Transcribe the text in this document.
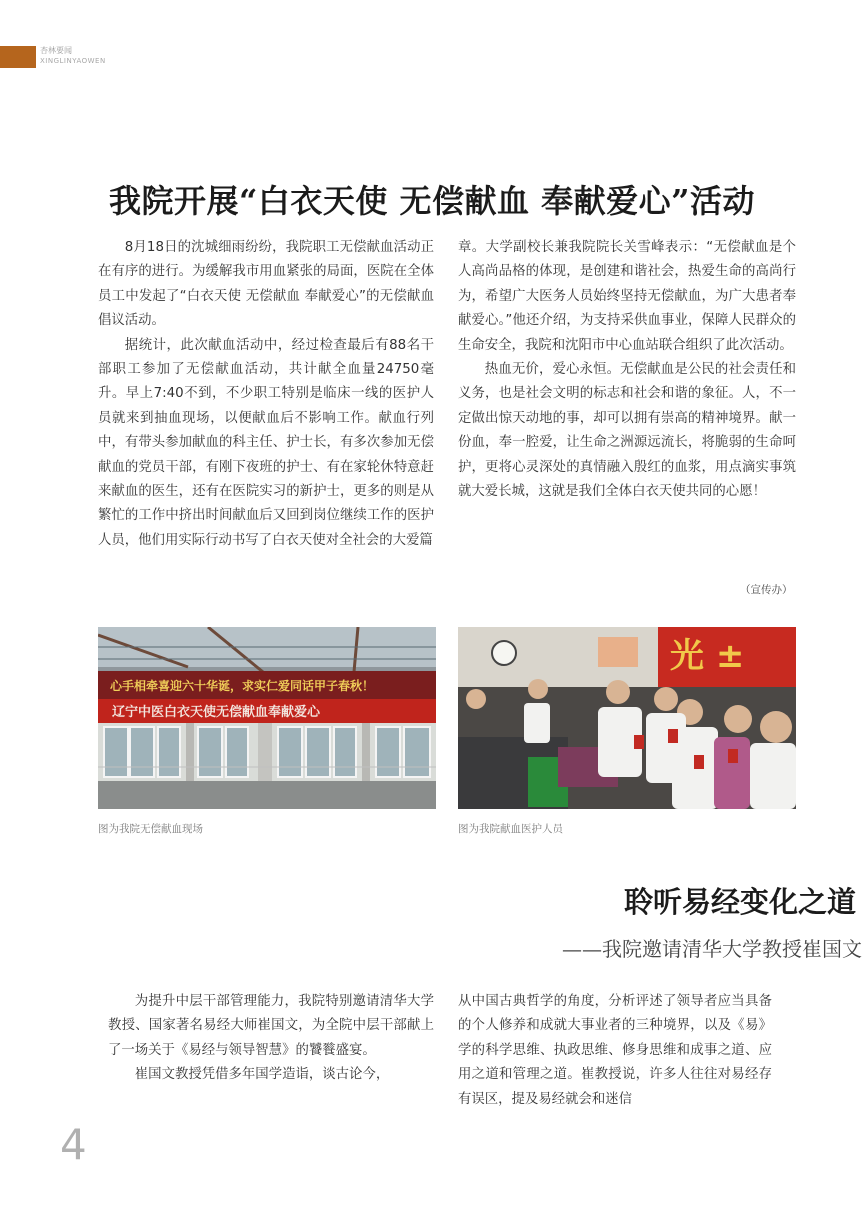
杏林要闻
XINGLINYAOWEN
我院开展“白衣天使 无偿献血 奉献爱心”活动

8月18日的沈城细雨纷纷，我院职工无偿献血活动正在有序的进行。为缓解我市用血紧张的局面，医院在全体员工中发起了“白衣天使 无偿献血 奉献爱心”的无偿献血倡议活动。

据统计，此次献血活动中，经过检查最后有88名干部职工参加了无偿献血活动，共计献全血量24750毫升。早上7:40不到，不少职工特别是临床一线的医护人员就来到抽血现场，以便献血后不影响工作。献血行列中，有带头参加献血的科主任、护士长，有多次参加无偿献血的党员干部，有刚下夜班的护士、有在家轮休特意赶来献血的医生，还有在医院实习的新护士，更多的则是从繁忙的工作中挤出时间献血后又回到岗位继续工作的医护人员，他们用实际行动书写了白衣天使对全社会的大爱篇

章。大学副校长兼我院院长关雪峰表示：“无偿献血是个人高尚品格的体现，是创建和谐社会，热爱生命的高尚行为，希望广大医务人员始终坚持无偿献血，为广大患者奉献爱心。”他还介绍，为支持采供血事业，保障人民群众的生命安全，我院和沈阳市中心血站联合组织了此次活动。

热血无价，爱心永恒。无偿献血是公民的社会责任和义务，也是社会文明的标志和社会和谐的象征。人，不一定做出惊天动地的事，却可以拥有崇高的精神境界。献一份血，奉一腔爱，让生命之洲源远流长，将脆弱的生命呵护，更将心灵深处的真情融入殷红的血浆，用点滴实事筑就大爱长城，这就是我们全体白衣天使共同的心愿！

（宣传办）
心手相牵喜迎六十华诞，求实仁爱同话甲子春秋！
辽宁中医白衣天使无偿献血奉献爱心
图为我院无偿献血现场
光 ±
图为我院献血医护人员
聆听易经变化之道
——我院邀请清华大学教授崔国文

为提升中层干部管理能力，我院特别邀请清华大学教授、国家著名易经大师崔国文，为全院中层干部献上了一场关于《易经与领导智慧》的饕餮盛宴。

崔国文教授凭借多年国学造诣，谈古论今，

从中国古典哲学的角度，分析评述了领导者应当具备的个人修养和成就大事业者的三种境界，以及《易》学的科学思维、执政思维、修身思维和成事之道、应用之道和管理之道。崔教授说，许多人往往对易经存有误区，提及易经就会和迷信

4
